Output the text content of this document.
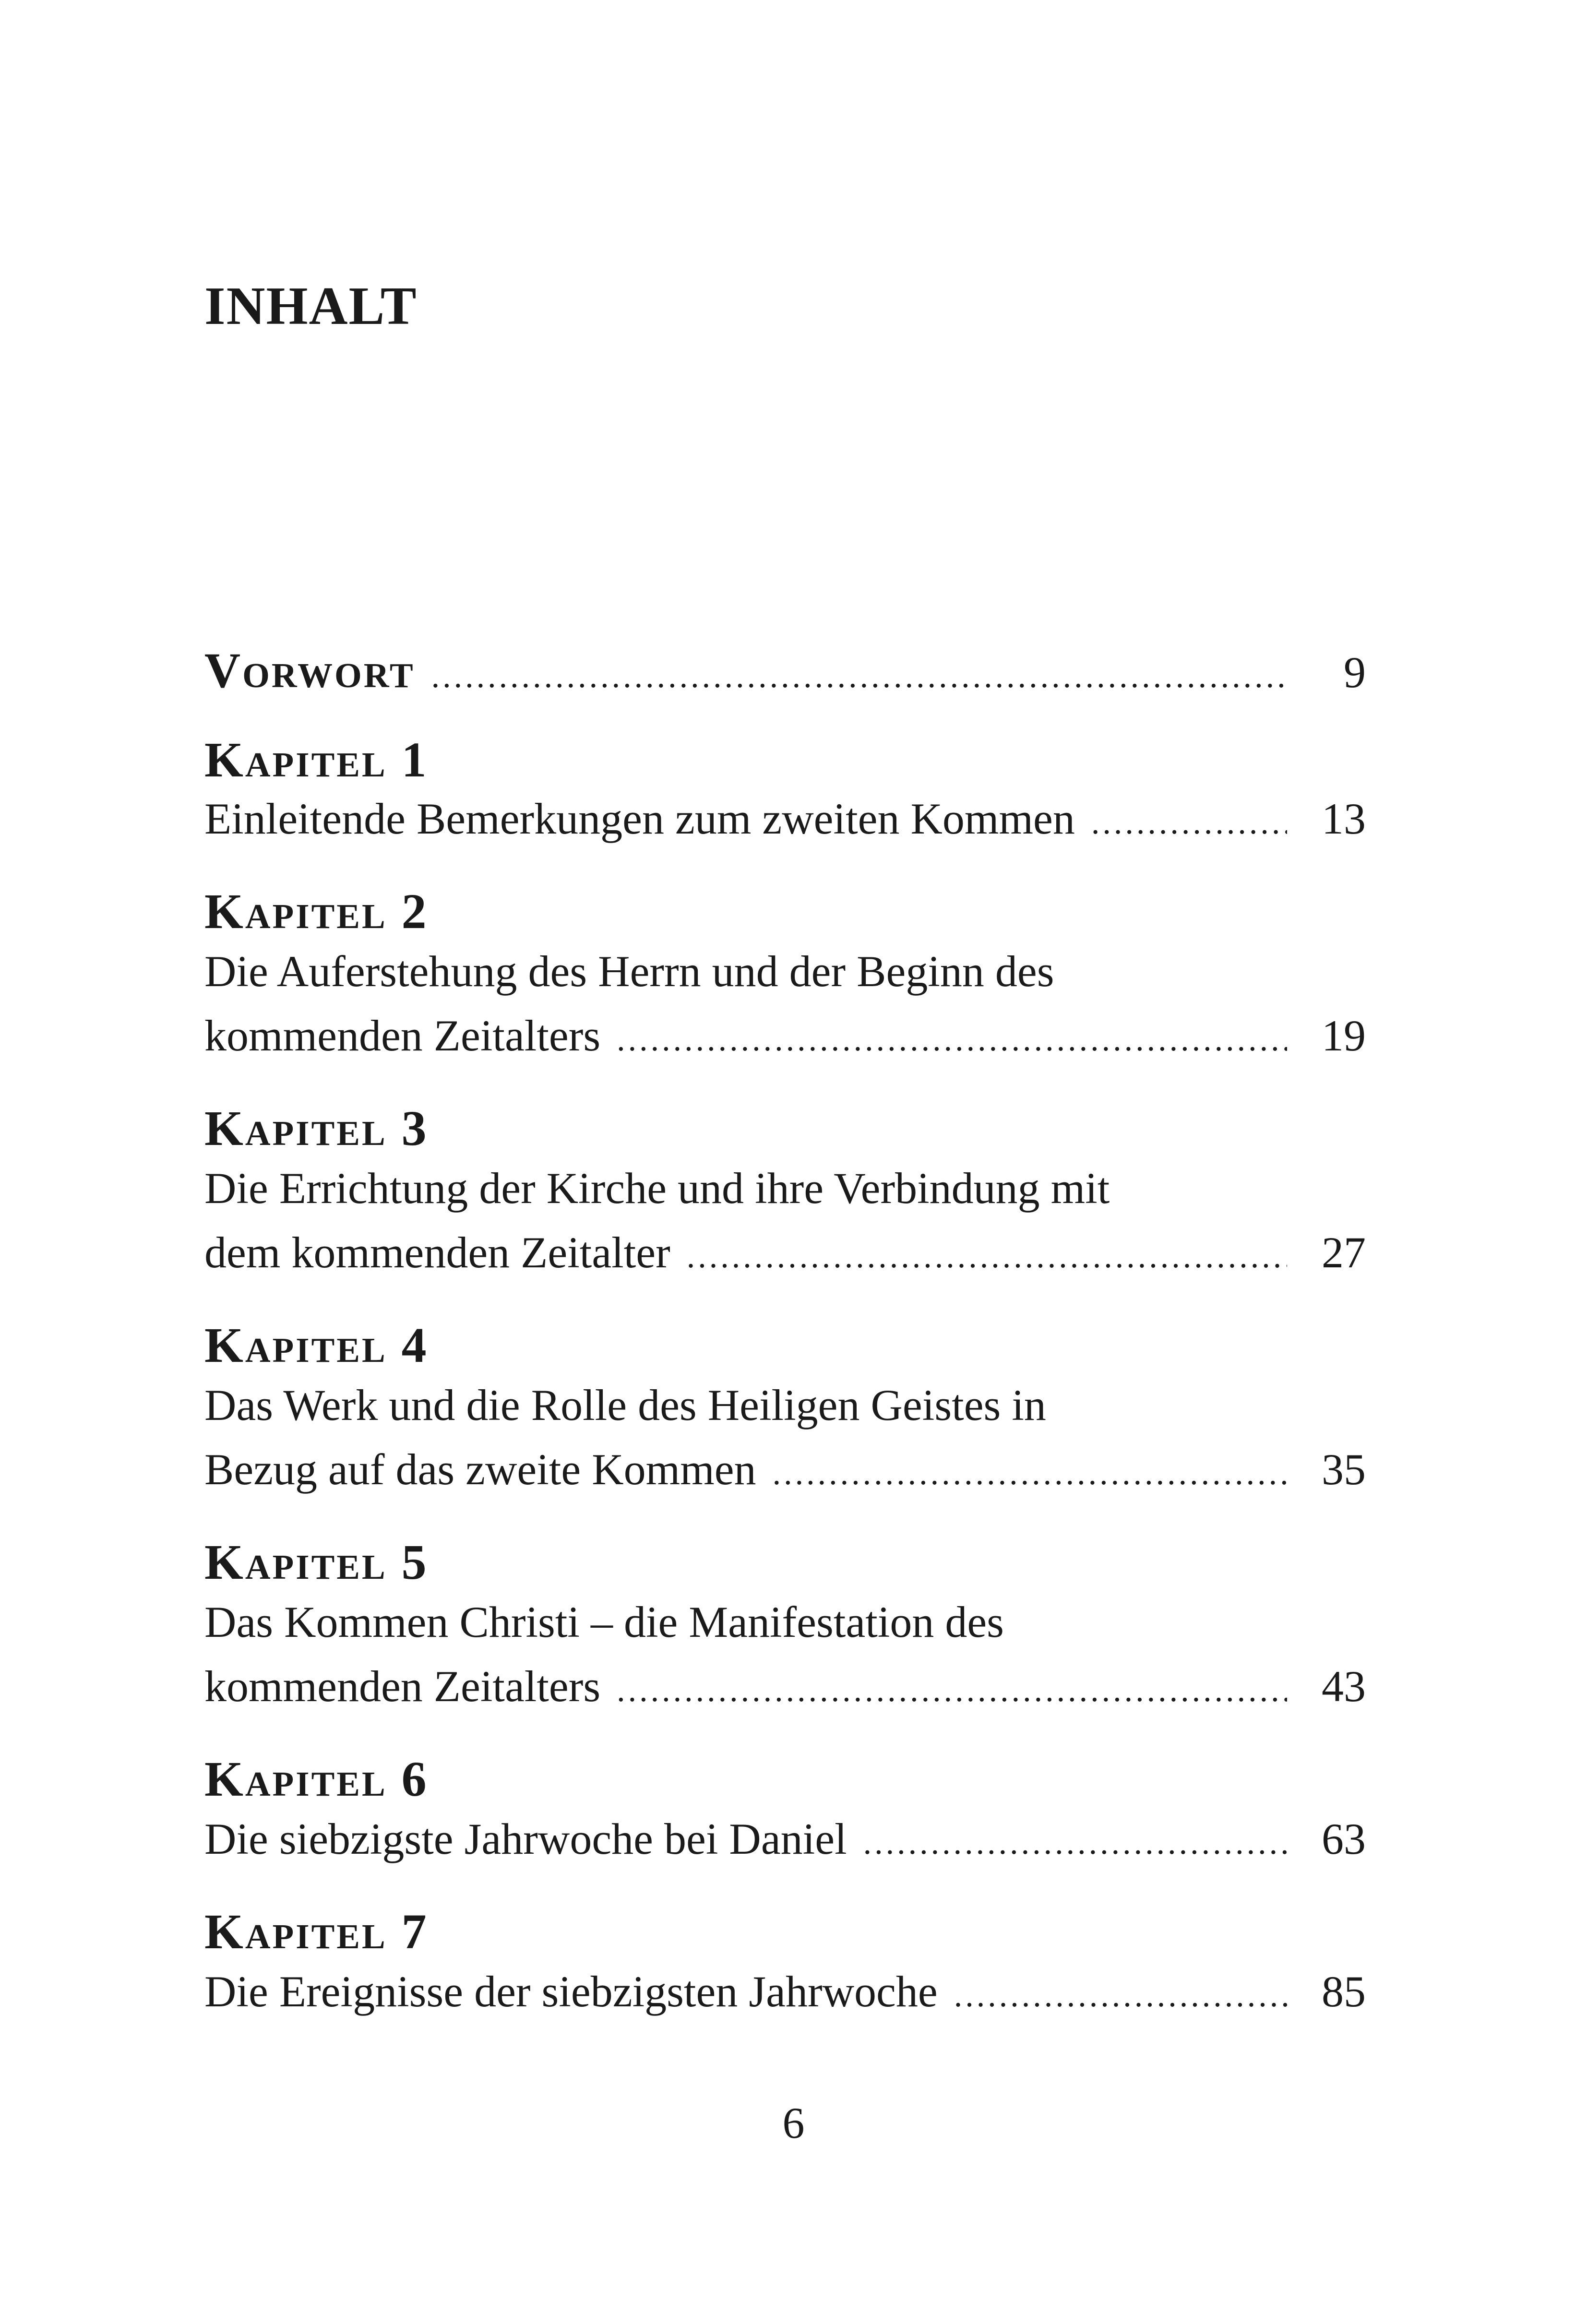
INHALT
Vorwort .....	9
Kapitel 1
Einleitende Bemerkungen zum zweiten Kommen .....	13
Kapitel 2
Die Auferstehung des Herrn und der Beginn des
kommenden Zeitalters .....	19
Kapitel 3
Die Errichtung der Kirche und ihre Verbindung mit
dem kommenden Zeitalter .....	27
Kapitel 4
Das Werk und die Rolle des Heiligen Geistes in
Bezug auf das zweite Kommen .....	35
Kapitel 5
Das Kommen Christi – die Manifestation des
kommenden Zeitalters .....	43
Kapitel 6
Die siebzigste Jahrwoche bei Daniel .....	63
Kapitel 7
Die Ereignisse der siebzigsten Jahrwoche .....	85
6
